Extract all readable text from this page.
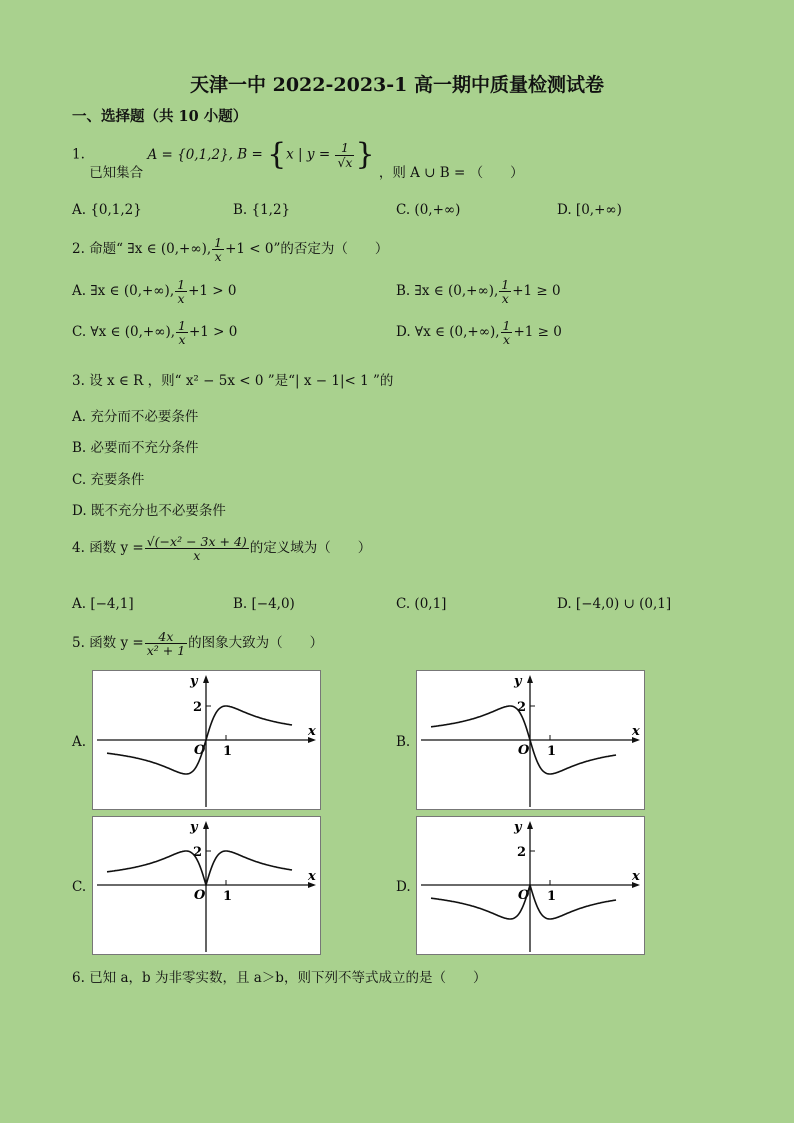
天津一中 2022-2023-1 高一期中质量检测试卷
一、选择题（共 10 小题）
1. 已知集合 A = {0,1,2}, B = {x | $y = \frac{1}{√x}$ } ，则 A ∪ B = （　　）
A. {0,1,2}	B. {1,2}	C. (0,+∞)	D. [0,+∞)
2. 命题“ ∃x ∈ (0,+∞), $\frac{1}{x} +1 < 0$”的否定为（　　）
A. ∃x ∈ (0,+∞), $\frac{1}{x} +1 > 0$	B. ∃x ∈ (0,+∞), $\frac{1}{x} +1 \ge 0$
C. ∀x ∈ (0,+∞), $\frac{1}{x} +1 > 0$	D. ∀x ∈ (0,+∞), $\frac{1}{x} +1 \ge 0$
3. 设 x ∈ R ，则“ x² − 5x < 0 ”是“| x − 1|< 1 ”的
A. 充分而不必要条件
B. 必要而不充分条件
C. 充要条件
D. 既不充分也不必要条件
4. 函数 $y = \frac{\text{√(−x² − 3x + 4)}}{x}$ 的定义域为（　　）
A. [−4,1]	B. [−4,0)	C. (0,1]	D. [−4,0) ∪ (0,1]
5. 函数 $y = \frac{4x}{\text{x² + 1}}$ 的图象大致为（　　）
A.	B.
C.	D.
x
y
O 1
2
x
y
O 1
2
x
y
O 1
2
x
y
O 1
2
6. 已知 a，b 为非零实数，且 a＞b，则下列不等式成立的是（　　）
